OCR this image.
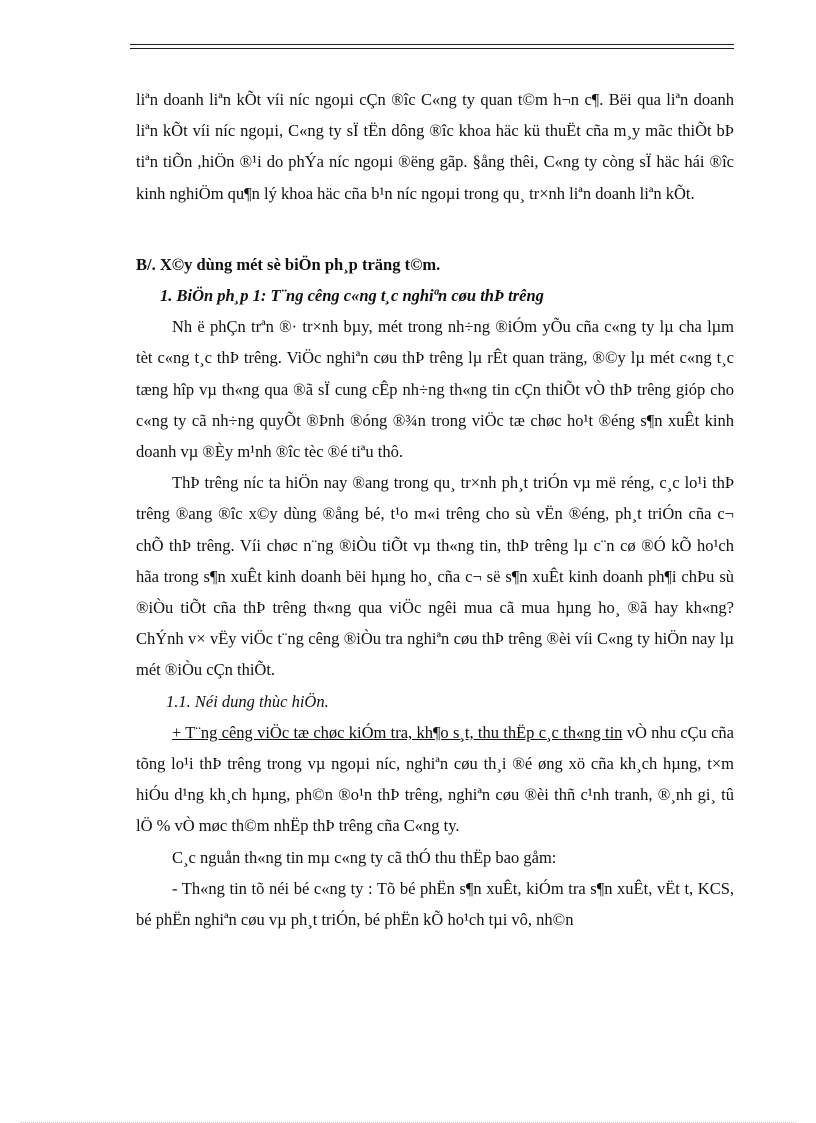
liªn doanh liªn kÕt víi níc ngoµi cÇn ®îc C«ng ty quan t©m h¬n c¶. Bëi qua liªn doanh liªn kÕt víi níc ngoµi, C«ng ty sÏ tËn dông ®îc khoa häc kü thuËt cña m¸y mãc thiÕt bÞ tiªn tiÕn ,hiÖn ®¹i do phÝa níc ngoµi ®ëng gãp. §ång thêi, C«ng ty còng sÏ häc hái ®îc kinh nghiÖm qu¶n lý khoa häc cña b¹n níc ngoµi trong qu¸ tr×nh liªn doanh liªn kÕt.

B/. X©y dùng mét sè biÖn ph¸p träng t©m.

1. BiÖn ph¸p 1: T¨ng cêng c«ng t¸c nghiªn cøu thÞ trêng

Nh ë phÇn trªn ®· tr×nh bµy, mét trong nh÷ng ®iÓm yÕu cña c«ng ty lµ cha lµm tèt c«ng t¸c thÞ trêng. ViÖc nghiªn cøu thÞ trêng lµ rÊt quan träng, ®©y lµ mét c«ng t¸c tæng hîp vµ th«ng qua ®ã sÏ cung cÊp nh÷ng th«ng tin cÇn thiÕt vÒ thÞ trêng gióp cho c«ng ty cã nh÷ng quyÕt ®Þnh ®óng ®¾n trong viÖc tæ chøc ho¹t ®éng s¶n xuÊt kinh doanh vµ ®Èy m¹nh ®îc tèc ®é tiªu thô.

ThÞ trêng níc ta hiÖn nay ®ang trong qu¸ tr×nh ph¸t triÓn vµ më réng, c¸c lo¹i thÞ trêng ®ang ®îc x©y dùng ®ång bé, t¹o m«i trêng cho sù vËn ®éng, ph¸t triÓn cña c¬ chÕ thÞ trêng. Víi chøc n¨ng ®iÒu tiÕt vµ th«ng tin, thÞ trêng lµ c¨n cø ®Ó kÕ ho¹ch hãa trong s¶n xuÊt kinh doanh bëi hµng ho¸ cña c¬ së s¶n xuÊt kinh doanh ph¶i chÞu sù ®iÒu tiÕt cña thÞ trêng th«ng qua viÖc ngêi mua cã mua hµng ho¸ ®ã hay kh«ng? ChÝnh v× vËy viÖc t¨ng cêng ®iÒu tra nghiªn cøu thÞ trêng ®èi víi C«ng ty hiÖn nay lµ mét ®iÒu cÇn thiÕt.

1.1. Néi dung thùc hiÖn.

+ T¨ng cêng viÖc tæ chøc kiÓm tra, kh¶o s¸t, thu thËp c¸c th«ng tin vÒ nhu cÇu cña tõng lo¹i thÞ trêng trong vµ ngoµi níc, nghiªn cøu th¸i ®é øng xö cña kh¸ch hµng, t×m hiÓu d¹ng kh¸ch hµng, ph©n ®o¹n thÞ trêng, nghiªn cøu ®èi thñ c¹nh tranh, ®¸nh gi¸ tû lÖ % vÒ møc th©m nhËp thÞ trêng cña C«ng ty.

C¸c nguån th«ng tin mµ c«ng ty cã thÓ thu thËp bao gåm:

- Th«ng tin tõ néi bé c«ng ty : Tõ bé phËn s¶n xuÊt, kiÓm tra s¶n xuÊt, vËt t, KCS, bé phËn nghiªn cøu vµ ph¸t triÓn, bé phËn kÕ ho¹ch tµi vô, nh©n
